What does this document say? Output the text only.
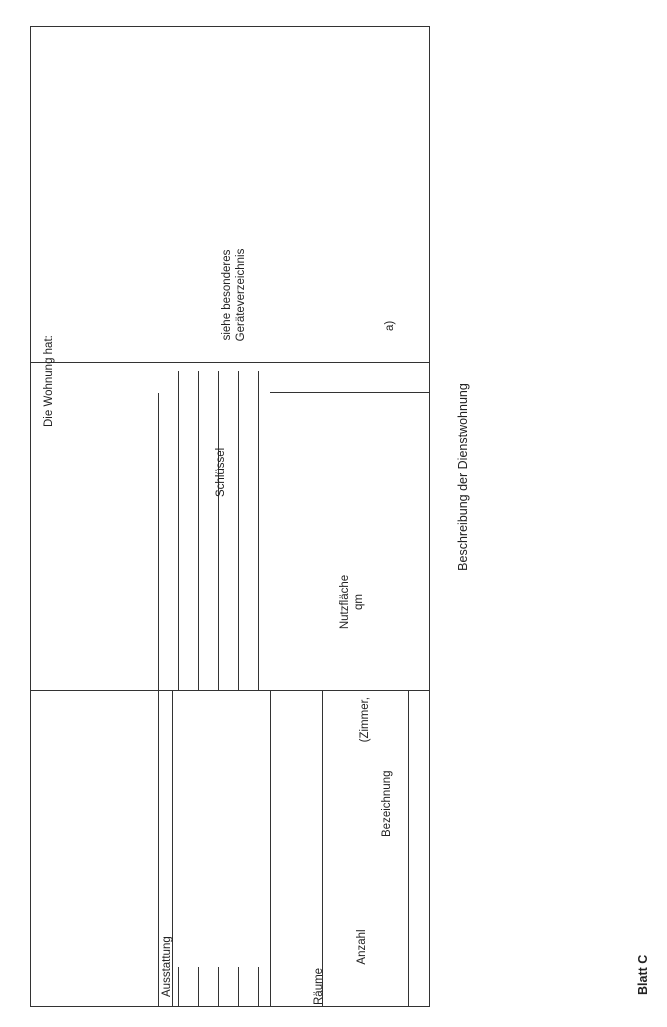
Blatt C
Beschreibung der Dienstwohnung
Anzahl
Räume
Bezeichnung
(Zimmer,
Nutzfläche qm
Schlüssel
Ausstattung
Die Wohnung hat:
a)
siehe besonderes Geräteverzeichnis
